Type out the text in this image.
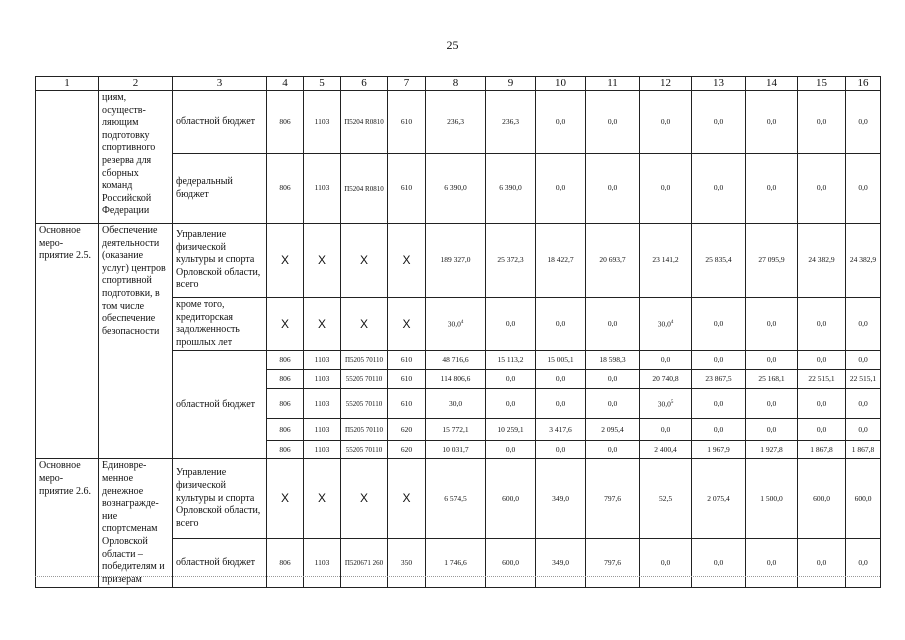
25
1	2	3	4	5	6	7	8	9	10	11	12	13	14	15	16
	циям, осуществ-ляющим подготовку спортивного резерва для сборных команд Российской Федерации	областной бюджет	806	1103	П5204 R0810	610	236,3	236,3	0,0	0,0	0,0	0,0	0,0	0,0	0,0
		федеральный бюджет	806	1103	П5204 R0810	610	6 390,0	6 390,0	0,0	0,0	0,0	0,0	0,0	0,0	0,0
Основное меро-приятие 2.5.	Обеспечение деятельности (оказание услуг) центров спортивной подготовки, в том числе обеспечение безопасности	Управление физической культуры и спорта Орловской области, всего	X	X	X	X	189 327,0	25 372,3	18 422,7	20 693,7	23 141,2	25 835,4	27 095,9	24 382,9	24 382,9
		кроме того, кредиторская задолженность прошлых лет	X	X	X	X	30,0$^4$	0,0	0,0	0,0	30,0$^4$	0,0	0,0	0,0	0,0
		областной бюджет	806	1103	П5205 70110	610	48 716,6	15 113,2	15 005,1	18 598,3	0,0	0,0	0,0	0,0	0,0
			806	1103	55205 70110	610	114 806,6	0,0	0,0	0,0	20 740,8	23 867,5	25 168,1	22 515,1	22 515,1
			806	1103	55205 70110	610	30,0	0,0	0,0	0,0	30,0$^5$	0,0	0,0	0,0	0,0
			806	1103	П5205 70110	620	15 772,1	10 259,1	3 417,6	2 095,4	0,0	0,0	0,0	0,0	0,0
			806	1103	55205 70110	620	10 031,7	0,0	0,0	0,0	2 400,4	1 967,9	1 927,8	1 867,8	1 867,8
Основное меро-приятие 2.6.	Единовре-менное денежное вознагражде-ние спортсменам Орловской области – победителям и призерам	Управление физической культуры и спорта Орловской области, всего	X	X	X	X	6 574,5	600,0	349,0	797,6	52,5	2 075,4	1 500,0	600,0	600,0
		областной бюджет	806	1103	П520671 260	350	1 746,6	600,0	349,0	797,6	0,0	0,0	0,0	0,0	0,0
